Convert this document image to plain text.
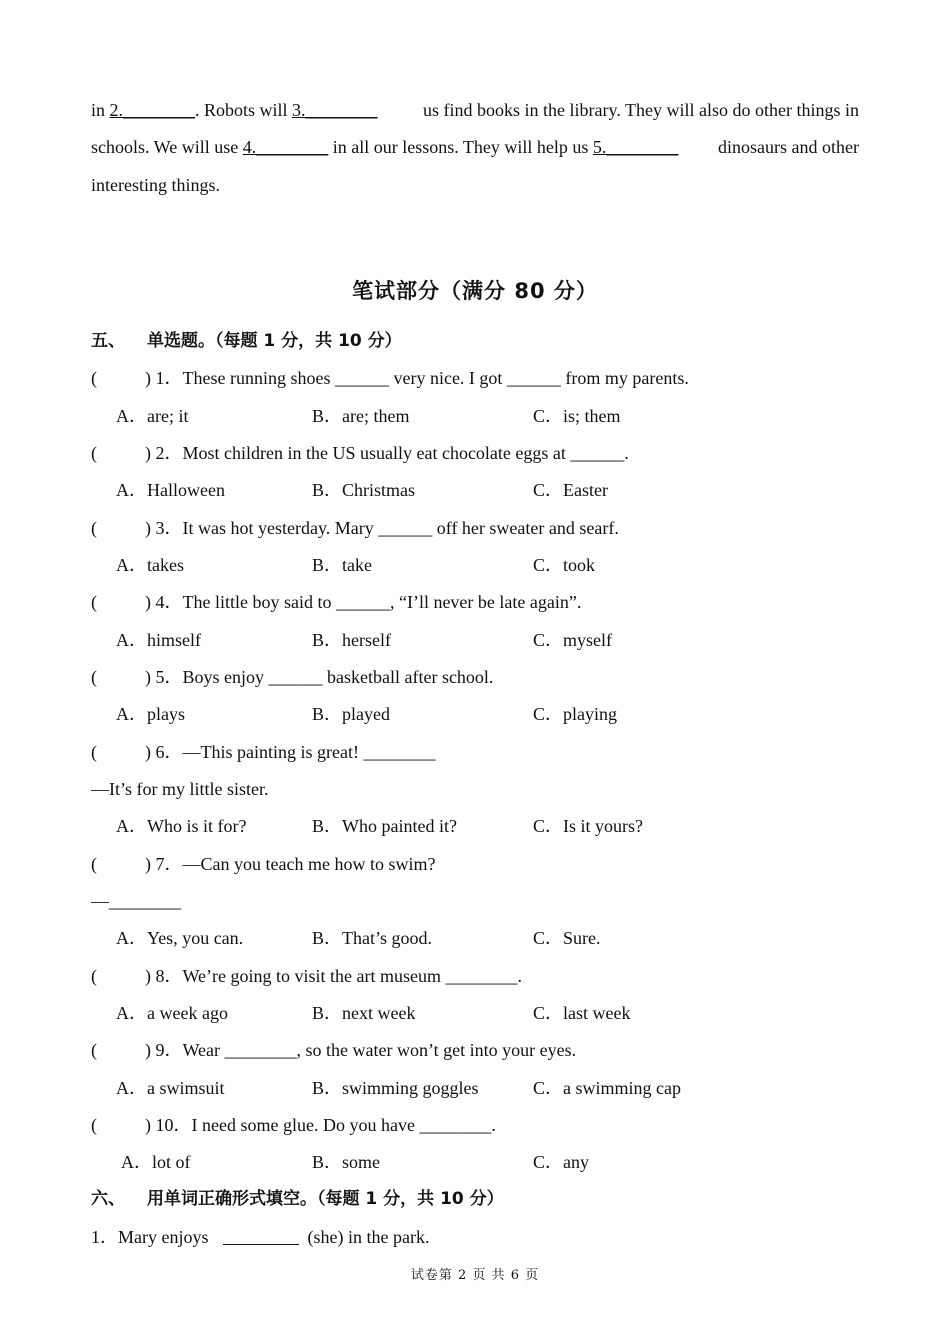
in 2.________. Robots will 3.________	us find books in the library. They will also do other things in
schools. We will use 4.________ in all our lessons. They will help us 5.________ dinosaurs and other
interesting things.
笔试部分（满分 80 分）
五、 单选题。（每题 1 分，共 10 分）
(	) 1．These running shoes ______ very nice. I got ______ from my parents.
A．are; it	B．are; them	C．is; them
(	) 2．Most children in the US usually eat chocolate eggs at ______.
A．Halloween	B．Christmas	C．Easter
(	) 3．It was hot yesterday. Mary ______ off her sweater and searf.
A．takes	B．take	C．took
(	) 4．The little boy said to ______, “I’ll never be late again”.
A．himself	B．herself	C．myself
(	) 5．Boys enjoy ______ basketball after school.
A．plays	B．played	C．playing
(	) 6．—This painting is great! ________
—It’s for my little sister.
A．Who is it for?	B．Who painted it?	C．Is it yours?
(	) 7．—Can you teach me how to swim?
—________
A．Yes, you can.	B．That’s good.	C．Sure.
(	) 8．We’re going to visit the art museum ________.
A．a week ago	B．next week	C．last week
(	) 9．Wear ________, so the water won’t get into your eyes.
A．a swimsuit	B．swimming goggles	C．a swimming cap
(	) 10．I need some glue. Do you have ________.
A．lot of	B．some	C．any
六、 用单词正确形式填空。（每题 1 分，共 10 分）
1．Mary enjoys	(she) in the park.
试卷第 2 页 共 6 页
